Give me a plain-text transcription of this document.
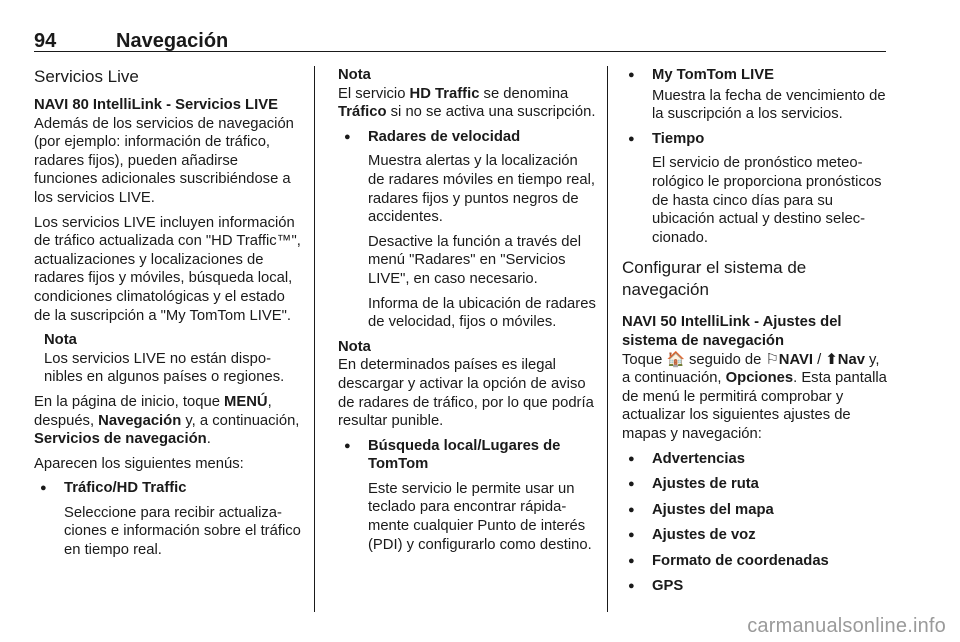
94	Navegación
Servicios Live
NAVI 80 IntelliLink - Servicios LIVE

Además de los servicios de navegación (por ejemplo: información de tráfico, radares fijos), pueden añadirse funciones adicionales suscribiéndose a los servicios LIVE.

Los servicios LIVE incluyen información de tráfico actualizada con "HD Traffic™", actualizaciones y localizaciones de radares fijos y móviles, búsqueda local, condiciones climatológicas y el estado de la suscripción a "My TomTom LIVE".

Nota
Los servicios LIVE no están disponibles en algunos países o regiones.

En la página de inicio, toque MENÚ, después, Navegación y, a continuación, Servicios de navegación.

Aparecen los siguientes menús:

● Tráfico/HD Traffic
Seleccione para recibir actualizaciones e información sobre el tráfico en tiempo real.
Nota

El servicio HD Traffic se denomina Tráfico si no se activa una suscripción.

● Radares de velocidad
Muestra alertas y la localización de radares móviles en tiempo real, radares fijos y puntos negros de accidentes.
Desactive la función a través del menú "Radares" en "Servicios LIVE", en caso necesario.
Informa de la ubicación de radares de velocidad, fijos o móviles.
Nota

En determinados países es ilegal descargar y activar la opción de aviso de radares de tráfico, por lo que podría resultar punible.

● Búsqueda local/Lugares de TomTom
Este servicio le permite usar un teclado para encontrar rápidamente cualquier Punto de interés (PDI) y configurarlo como destino.
● My TomTom LIVE
Muestra la fecha de vencimiento de la suscripción a los servicios.
● Tiempo
El servicio de pronóstico meteorológico le proporciona pronósticos de hasta cinco días para su ubicación actual y destino seleccionado.
Configurar el sistema de navegación
NAVI 50 IntelliLink - Ajustes del sistema de navegación

Toque 🏠 seguido de ⚐NAVI / ⬆Nav y, a continuación, Opciones. Esta pantalla de menú le permitirá comprobar y actualizar los siguientes ajustes de mapas y navegación:

● Advertencias
● Ajustes de ruta
● Ajustes del mapa
● Ajustes de voz
● Formato de coordenadas
● GPS
carmanualsonline.info
